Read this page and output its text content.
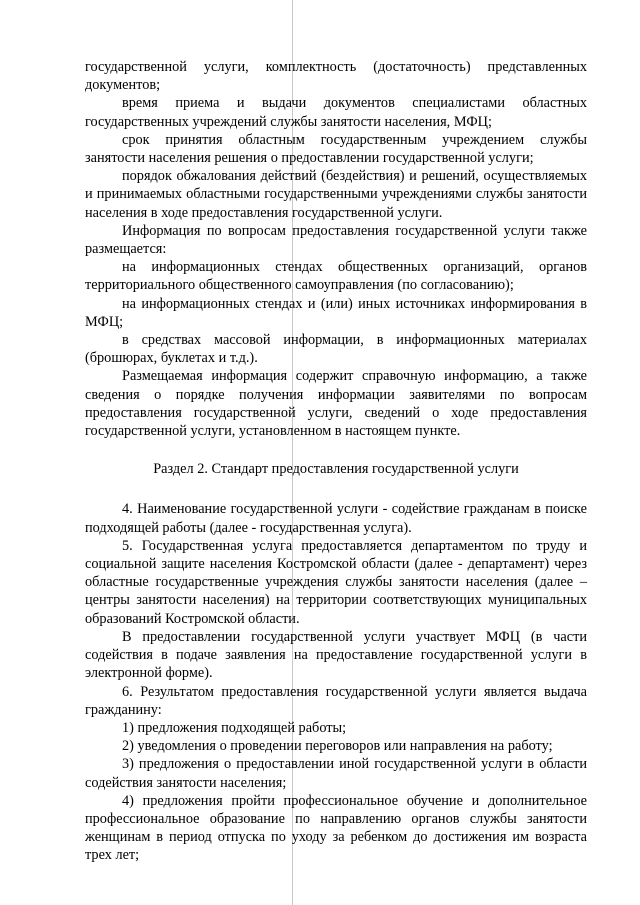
государственной услуги, комплектность (достаточность) представленных документов;

время приема и выдачи документов специалистами областных государственных учреждений службы занятости населения, МФЦ;

срок принятия областным государственным учреждением службы занятости населения решения о предоставлении государственной услуги;

порядок обжалования действий (бездействия) и решений, осуществляемых и принимаемых областными государственными учреждениями службы занятости населения в ходе предоставления государственной услуги.

Информация по вопросам предоставления государственной услуги также размещается:

на информационных стендах общественных организаций, органов территориального общественного самоуправления (по согласованию);

на информационных стендах и (или) иных источниках информирования в МФЦ;

в средствах массовой информации, в информационных материалах (брошюрах, буклетах и т.д.).

Размещаемая информация содержит справочную информацию, а также сведения о порядке получения информации заявителями по вопросам предоставления государственной услуги, сведений о ходе предоставления государственной услуги, установленном в настоящем пункте.

Раздел 2. Стандарт предоставления государственной услуги

4. Наименование государственной услуги - содействие гражданам в поиске подходящей работы (далее - государственная услуга).

5. Государственная услуга предоставляется департаментом по труду и социальной защите населения Костромской области (далее - департамент) через областные государственные учреждения службы занятости населения (далее – центры занятости населения) на территории соответствующих муниципальных образований Костромской области.

В предоставлении государственной услуги участвует МФЦ (в части содействия в подаче заявления на предоставление государственной услуги в электронной форме).

6. Результатом предоставления государственной услуги является выдача гражданину:

1) предложения подходящей работы;

2) уведомления о проведении переговоров или направления на работу;

3) предложения о предоставлении иной государственной услуги в области содействия занятости населения;

4) предложения пройти профессиональное обучение и дополнительное профессиональное образование по направлению органов службы занятости женщинам в период отпуска по уходу за ребенком до достижения им возраста трех лет;
